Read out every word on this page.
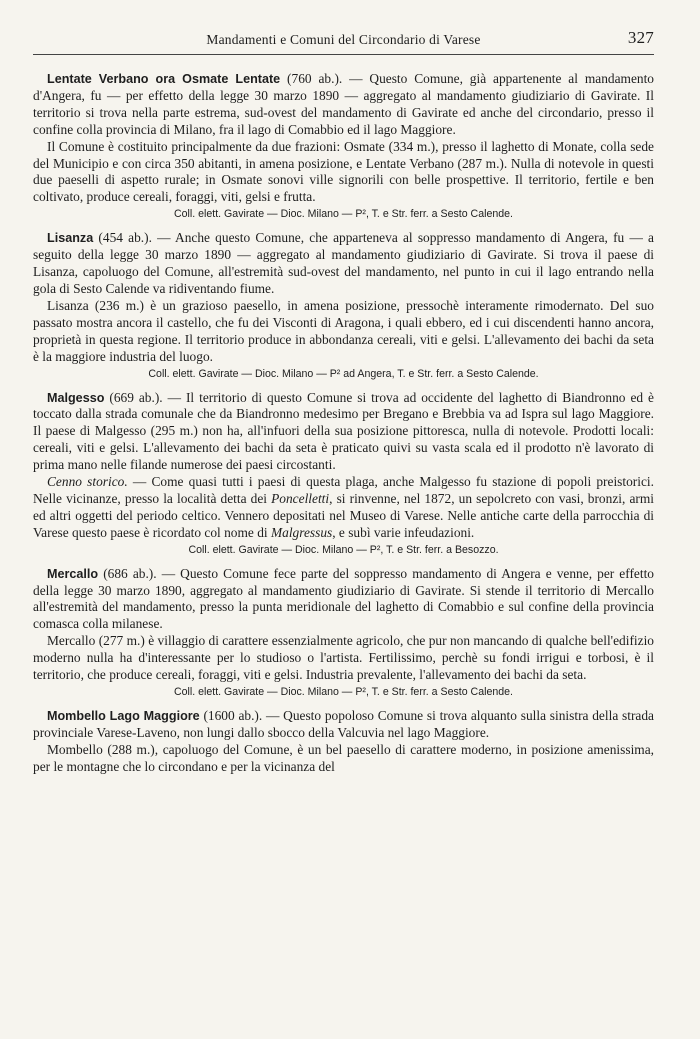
Mandamenti e Comuni del Circondario di Varese	327

Lentate Verbano ora Osmate Lentate (760 ab.). — Questo Comune, già appartenente al mandamento d'Angera, fu — per effetto della legge 30 marzo 1890 — aggregato al mandamento giudiziario di Gavirate. Il territorio si trova nella parte estrema, sud-ovest del mandamento di Gavirate ed anche del circondario, presso il confine colla provincia di Milano, fra il lago di Comabbio ed il lago Maggiore.

Il Comune è costituito principalmente da due frazioni: Osmate (334 m.), presso il laghetto di Monate, colla sede del Municipio e con circa 350 abitanti, in amena posizione, e Lentate Verbano (287 m.). Nulla di notevole in questi due paeselli di aspetto rurale; in Osmate sonovi ville signorili con belle prospettive. Il territorio, fertile e ben coltivato, produce cereali, foraggi, viti, gelsi e frutta.

Coll. elett. Gavirate — Dioc. Milano — P², T. e Str. ferr. a Sesto Calende.

Lisanza (454 ab.). — Anche questo Comune, che apparteneva al soppresso mandamento di Angera, fu — a seguito della legge 30 marzo 1890 — aggregato al mandamento giudiziario di Gavirate. Si trova il paese di Lisanza, capoluogo del Comune, all'estremità sud-ovest del mandamento, nel punto in cui il lago entrando nella gola di Sesto Calende va ridiventando fiume.

Lisanza (236 m.) è un grazioso paesello, in amena posizione, pressochè interamente rimodernato. Del suo passato mostra ancora il castello, che fu dei Visconti di Aragona, i quali ebbero, ed i cui discendenti hanno ancora, proprietà in questa regione. Il territorio produce in abbondanza cereali, viti e gelsi. L'allevamento dei bachi da seta è la maggiore industria del luogo.

Coll. elett. Gavirate — Dioc. Milano — P² ad Angera, T. e Str. ferr. a Sesto Calende.

Malgesso (669 ab.). — Il territorio di questo Comune si trova ad occidente del laghetto di Biandronno ed è toccato dalla strada comunale che da Biandronno medesimo per Bregano e Brebbia va ad Ispra sul lago Maggiore. Il paese di Malgesso (295 m.) non ha, all'infuori della sua posizione pittoresca, nulla di notevole. Prodotti locali: cereali, viti e gelsi. L'allevamento dei bachi da seta è praticato quivi su vasta scala ed il prodotto n'è lavorato di prima mano nelle filande numerose dei paesi circostanti.

Cenno storico. — Come quasi tutti i paesi di questa plaga, anche Malgesso fu stazione di popoli preistorici. Nelle vicinanze, presso la località detta dei Poncelletti, si rinvenne, nel 1872, un sepolcreto con vasi, bronzi, armi ed altri oggetti del periodo celtico. Vennero depositati nel Museo di Varese. Nelle antiche carte della parrocchia di Varese questo paese è ricordato col nome di Malgressus, e subì varie infeudazioni.

Coll. elett. Gavirate — Dioc. Milano — P², T. e Str. ferr. a Besozzo.

Mercallo (686 ab.). — Questo Comune fece parte del soppresso mandamento di Angera e venne, per effetto della legge 30 marzo 1890, aggregato al mandamento giudiziario di Gavirate. Si stende il territorio di Mercallo all'estremità del mandamento, presso la punta meridionale del laghetto di Comabbio e sul confine della provincia comasca colla milanese.

Mercallo (277 m.) è villaggio di carattere essenzialmente agricolo, che pur non mancando di qualche bell'edifizio moderno nulla ha d'interessante per lo studioso o l'artista. Fertilissimo, perchè su fondi irrigui e torbosi, è il territorio, che produce cereali, foraggi, viti e gelsi. Industria prevalente, l'allevamento dei bachi da seta.

Coll. elett. Gavirate — Dioc. Milano — P², T. e Str. ferr. a Sesto Calende.

Mombello Lago Maggiore (1600 ab.). — Questo popoloso Comune si trova alquanto sulla sinistra della strada provinciale Varese-Laveno, non lungi dallo sbocco della Valcuvia nel lago Maggiore.

Mombello (288 m.), capoluogo del Comune, è un bel paesello di carattere moderno, in posizione amenissima, per le montagne che lo circondano e per la vicinanza del
